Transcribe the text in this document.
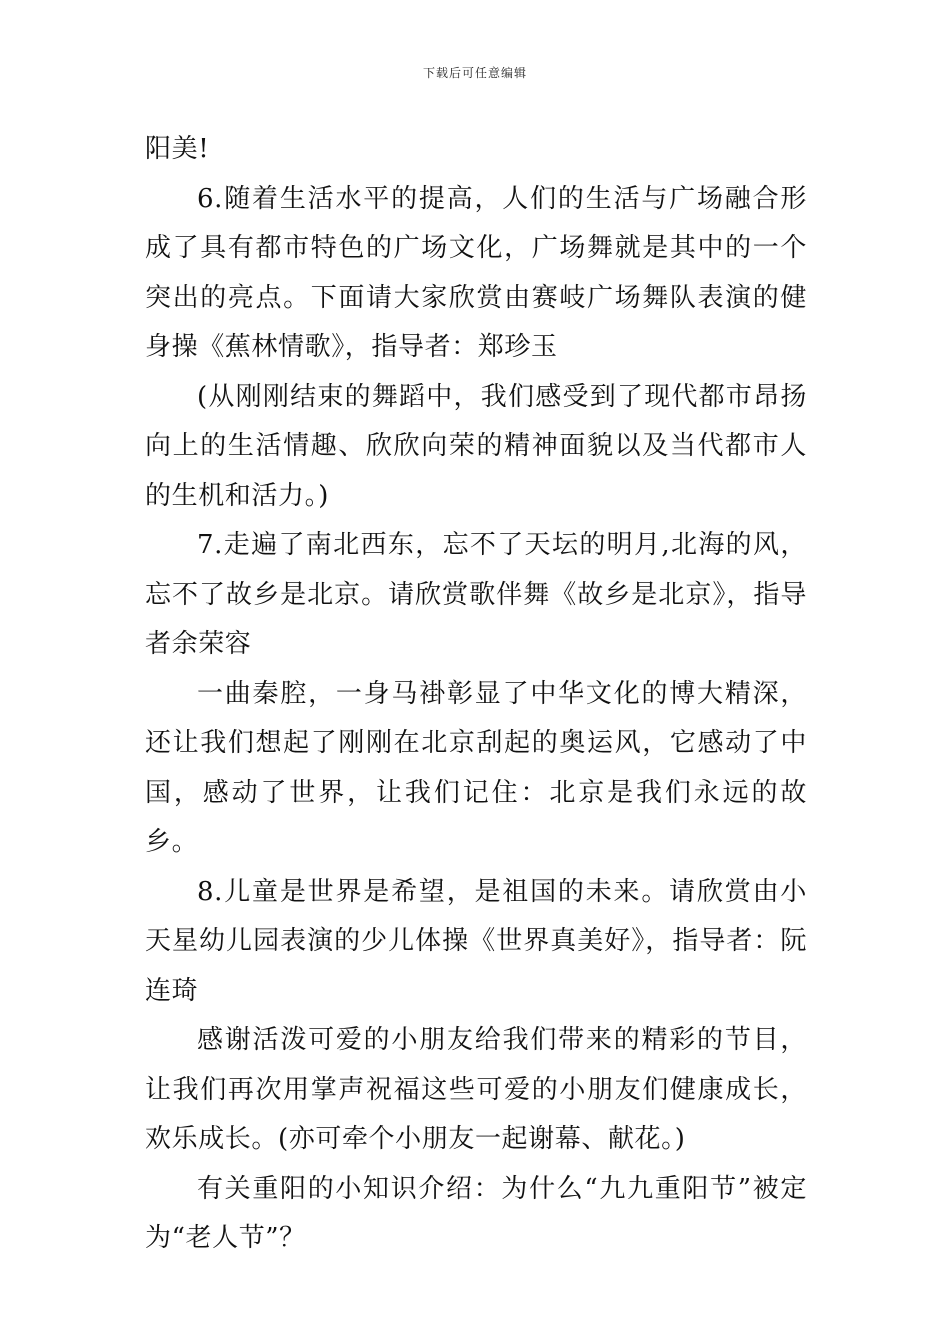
下载后可任意编辑

阳美!

6.随着生活水平的提高，人们的生活与广场融合形成了具有都市特色的广场文化，广场舞就是其中的一个突出的亮点。下面请大家欣赏由赛岐广场舞队表演的健身操《蕉林情歌》，指导者：郑珍玉

(从刚刚结束的舞蹈中，我们感受到了现代都市昂扬向上的生活情趣、欣欣向荣的精神面貌以及当代都市人的生机和活力。)

7.走遍了南北西东，忘不了天坛的明月,北海的风，忘不了故乡是北京。请欣赏歌伴舞《故乡是北京》，指导者余荣容

一曲秦腔，一身马褂彰显了中华文化的博大精深，还让我们想起了刚刚在北京刮起的奥运风，它感动了中国，感动了世界，让我们记住：北京是我们永远的故乡。

8.儿童是世界是希望，是祖国的未来。请欣赏由小天星幼儿园表演的少儿体操《世界真美好》，指导者：阮连琦

感谢活泼可爱的小朋友给我们带来的精彩的节目，让我们再次用掌声祝福这些可爱的小朋友们健康成长，欢乐成长。(亦可牵个小朋友一起谢幕、献花。)

有关重阳的小知识介绍：为什么“九九重阳节”被定为“老人节”？
